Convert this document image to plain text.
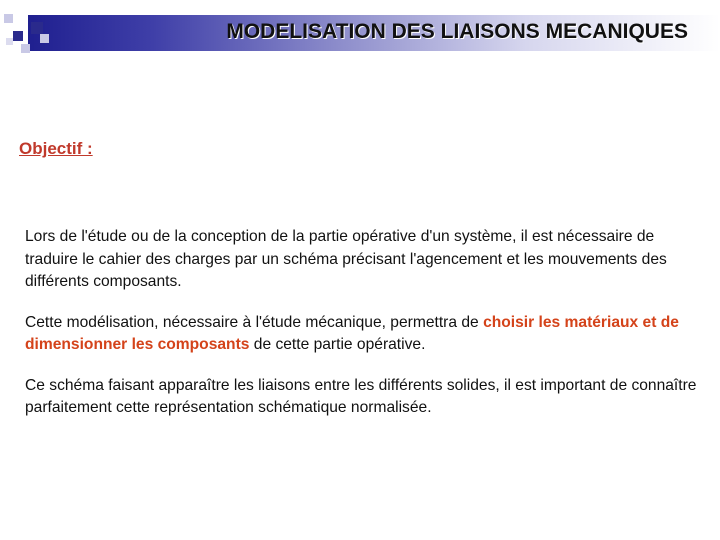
MODELISATION DES LIAISONS MECANIQUES
Objectif :

Lors de l'étude ou de la conception de la partie opérative d'un système, il est nécessaire de traduire le cahier des charges par un schéma précisant l'agencement et les mouvements des différents composants.

Cette modélisation, nécessaire à l'étude mécanique, permettra de choisir les matériaux et de dimensionner les composants de cette partie opérative.

Ce schéma faisant apparaître les liaisons entre les différents solides, il est important de connaître parfaitement cette représentation schématique normalisée.
